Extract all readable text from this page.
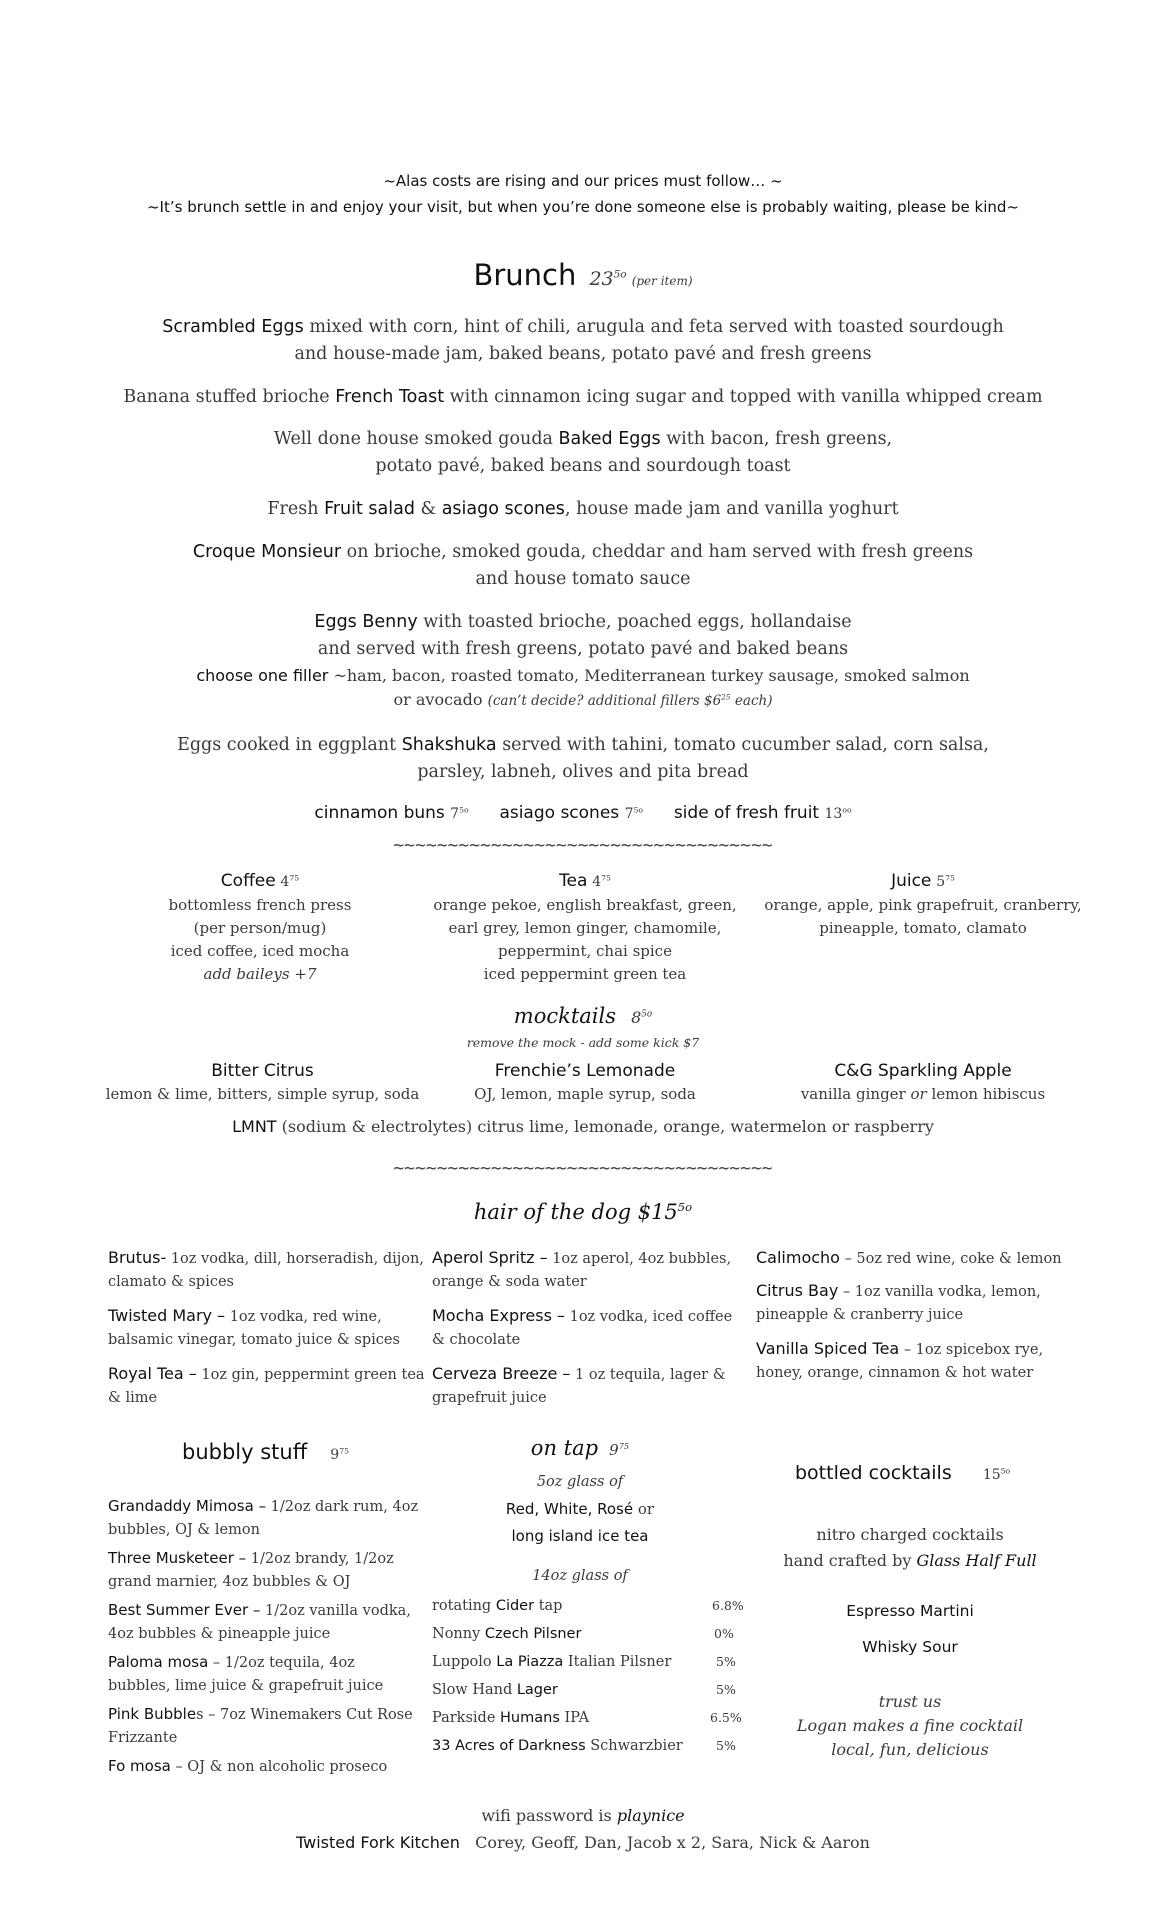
~Alas costs are rising and our prices must follow… ~
~It’s brunch settle in and enjoy your visit, but when you’re done someone else is probably waiting, please be kind~
Brunch $23^{5o}$ (per item)
Scrambled Eggs mixed with corn, hint of chili, arugula and feta served with toasted sourdough
and house-made jam, baked beans, potato pavé and fresh greens
Banana stuffed brioche French Toast with cinnamon icing sugar and topped with vanilla whipped cream
Well done house smoked gouda Baked Eggs with bacon, fresh greens,
potato pavé, baked beans and sourdough toast
Fresh Fruit salad & asiago scones, house made jam and vanilla yoghurt
Croque Monsieur on brioche, smoked gouda, cheddar and ham served with fresh greens
and house tomato sauce
Eggs Benny with toasted brioche, poached eggs, hollandaise
and served with fresh greens, potato pavé and baked beans
choose one filler ~ham, bacon, roasted tomato, Mediterranean turkey sausage, smoked salmon
or avocado (can’t decide? additional fillers $\$6^{25}$ each)
Eggs cooked in eggplant Shakshuka served with tahini, tomato cucumber salad, corn salsa,
parsley, labneh, olives and pita bread
cinnamon buns $7^{5o}$ asiago scones $7^{5o}$ side of fresh fruit $13^{oo}$
~~~~~~~~~~~~~~~~~~~~~~~~~~~~~~~~~~~
Coffee $4^{75}$
bottomless french press
(per person/mug)
iced coffee, iced mocha
add baileys +7
Tea $4^{75}$
orange pekoe, english breakfast, green,
earl grey, lemon ginger, chamomile,
peppermint, chai spice
iced peppermint green tea
Juice $5^{75}$
orange, apple, pink grapefruit, cranberry,
pineapple, tomato, clamato
mocktails $8^{5o}$
remove the mock - add some kick $7
Bitter Citrus
lemon & lime, bitters, simple syrup, soda
Frenchie’s Lemonade
OJ, lemon, maple syrup, soda
C&G Sparkling Apple
vanilla ginger or lemon hibiscus
LMNT (sodium & electrolytes) citrus lime, lemonade, orange, watermelon or raspberry
~~~~~~~~~~~~~~~~~~~~~~~~~~~~~~~~~~~
hair of the dog $\$15^{5o}$
Brutus- 1oz vodka, dill, horseradish, dijon,
clamato & spices
Twisted Mary – 1oz vodka, red wine,
balsamic vinegar, tomato juice & spices
Royal Tea – 1oz gin, peppermint green tea
& lime
Aperol Spritz – 1oz aperol, 4oz bubbles,
orange & soda water
Mocha Express – 1oz vodka, iced coffee
& chocolate
Cerveza Breeze – 1 oz tequila, lager &
grapefruit juice
Calimocho – 5oz red wine, coke & lemon
Citrus Bay – 1oz vanilla vodka, lemon,
pineapple & cranberry juice
Vanilla Spiced Tea – 1oz spicebox rye,
honey, orange, cinnamon & hot water
bubbly stuff $9^{75}$
Grandaddy Mimosa – 1/2oz dark rum, 4oz
bubbles, OJ & lemon
Three Musketeer – 1/2oz brandy, 1/2oz
grand marnier, 4oz bubbles & OJ
Best Summer Ever – 1/2oz vanilla vodka,
4oz bubbles & pineapple juice
Paloma mosa – 1/2oz tequila, 4oz
bubbles, lime juice & grapefruit juice
Pink Bubbles – 7oz Winemakers Cut Rose
Frizzante
Fo mosa – OJ & non alcoholic proseco
on tap $9^{75}$
5oz glass of
Red, White, Rosé or
long island ice tea
14oz glass of
rotating Cider tap	6.8%
Nonny Czech Pilsner	0%
Luppolo La Piazza Italian Pilsner	5%
Slow Hand Lager	5%
Parkside Humans IPA	6.5%
33 Acres of Darkness Schwarzbier	5%
bottled cocktails $15^{5o}$
nitro charged cocktails
hand crafted by Glass Half Full
Espresso Martini
Whisky Sour
trust us
Logan makes a fine cocktail
local, fun, delicious
wifi password is playnice
Twisted Fork Kitchen Corey, Geoff, Dan, Jacob x 2, Sara, Nick & Aaron
